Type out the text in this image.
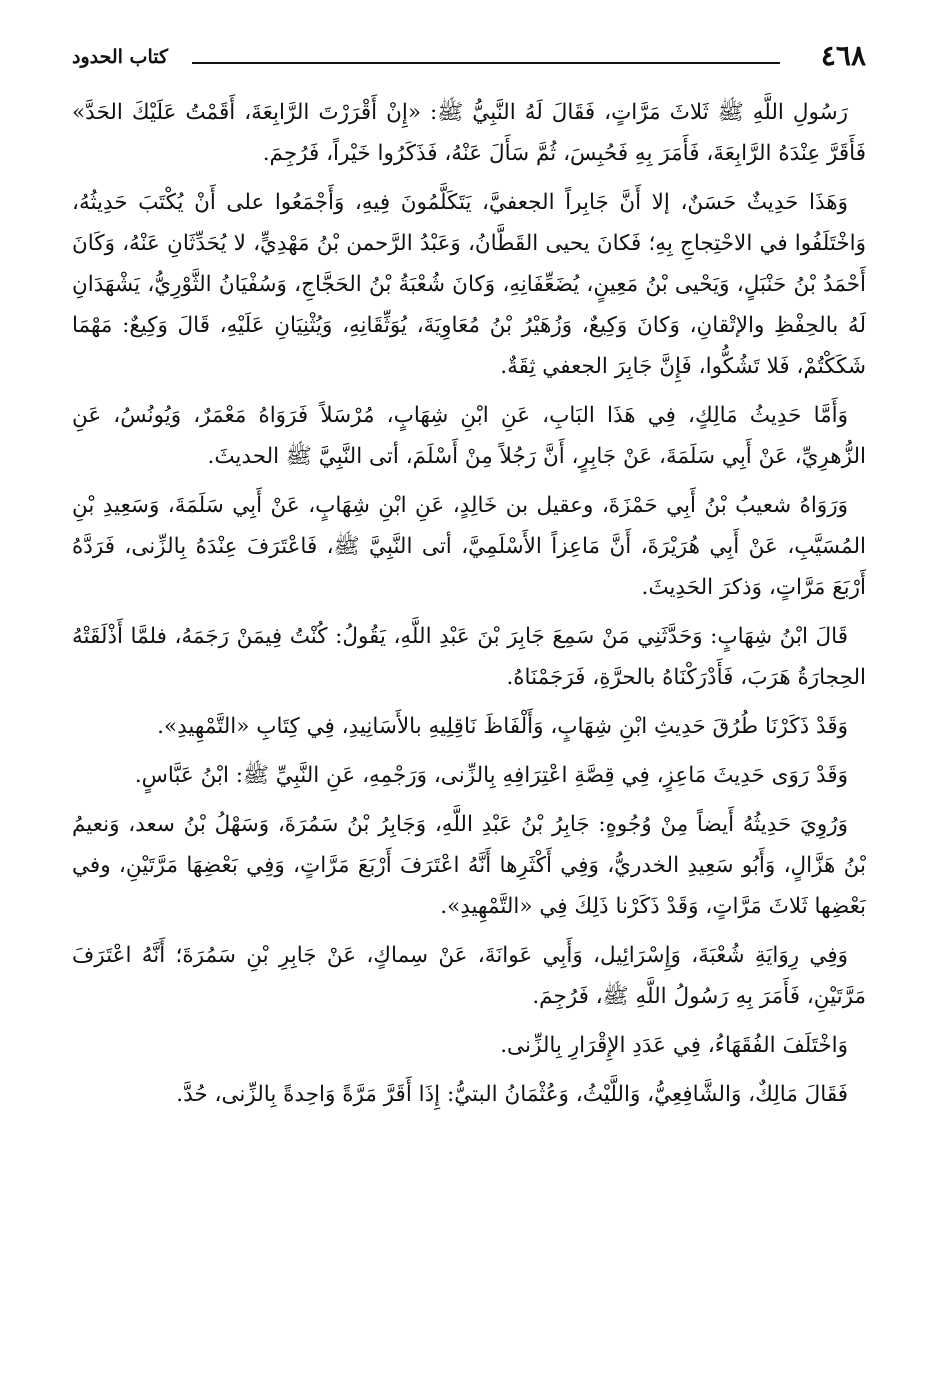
٤٦٨
كتاب الحدود

رَسُولِ اللَّهِ ﷺ ثَلاثَ مَرَّاتٍ، فَقَالَ لَهُ النَّبِيُّ ﷺ: «إِنْ أَقْرَرْتَ الرَّابِعَةَ، أَقَمْتُ عَلَيْكَ الحَدَّ» فَأَقَرَّ عِنْدَهُ الرَّابِعَةَ، فَأَمَرَ بِهِ فَحُبِسَ، ثُمَّ سَأَلَ عَنْهُ، فَذَكَرُوا خَيْراً، فَرُجِمَ.

وَهَذَا حَدِيثٌ حَسَنٌ، إلا أَنَّ جَابِراً الجعفيَّ، يَتَكَلَّمُونَ فِيهِ، وَأَجْمَعُوا على أَنْ يُكْتَبَ حَدِيثُهُ، وَاخْتَلَفُوا في الاحْتِجاجِ بِهِ؛ فَكانَ يحيى القَطَّانُ، وَعَبْدُ الرَّحمن بْنُ مَهْدِيٍّ، لا يُحَدِّثَانِ عَنْهُ، وَكَانَ أَحْمَدُ بْنُ حَنْبَلٍ، وَيَحْيى بْنُ مَعِينٍ، يُضَعِّفَانِهِ، وَكانَ شُعْبَةُ بْنُ الحَجَّاجِ، وَسُفْيَانُ الثَّوْرِيُّ، يَشْهَدَانِ لَهُ بالحِفْظِ والإتْقانِ، وَكانَ وَكِيعٌ، وَزُهَيْرُ بْنُ مُعَاوِيَةَ، يُوَثِّقَانِهِ، وَيُثْنِيَانِ عَلَيْهِ، قَالَ وَكِيعٌ: مَهْمَا شَكَكْتُمْ، فَلا تَشُكُّوا، فَإِنَّ جَابِرَ الجعفي ثِقَةٌ.

وَأَمَّا حَدِيثُ مَالِكٍ، فِي هَذَا البَابِ، عَنِ ابْنِ شِهَابٍ، مُرْسَلاً فَرَوَاهُ مَعْمَرٌ، وَيُونُسُ، عَنِ الزُّهرِيِّ، عَنْ أَبِي سَلَمَةَ، عَنْ جَابِرٍ، أَنَّ رَجُلاً مِنْ أَسْلَمَ، أتى النَّبِيَّ ﷺ الحديثَ.

وَرَوَاهُ شعيبُ بْنُ أَبِي حَمْزَةَ، وعقيل بن خَالِدٍ، عَنِ ابْنِ شِهَابٍ، عَنْ أَبِي سَلَمَةَ، وَسَعِيدِ بْنِ المُسَيَّبِ، عَنْ أَبِي هُرَيْرَةَ، أَنَّ مَاعِزاً الأَسْلَمِيَّ، أتى النَّبِيَّ ﷺ، فَاعْتَرَفَ عِنْدَهُ بِالزِّنى، فَرَدَّهُ أَرْبَعَ مَرَّاتٍ، وَذكرَ الحَدِيثَ.

قَالَ ابْنُ شِهَابٍ: وَحَدَّثَنِي مَنْ سَمِعَ جَابِرَ بْنَ عَبْدِ اللَّهِ، يَقُولُ: كُنْتُ فِيمَنْ رَجَمَهُ، فلمَّا أَذْلَقَتْهُ الحِجارَةُ هَرَبَ، فَأَدْرَكْنَاهُ بالحرَّةِ، فَرَجَمْنَاهُ.

وَقَدْ ذَكَرْنَا طُرُقَ حَدِيثِ ابْنِ شِهَابٍ، وَأَلْفَاظَ نَاقِلِيهِ بالأَسَانِيدِ، فِي كِتَابِ «التَّمْهِيدِ».

وَقَدْ رَوَى حَدِيثَ مَاعِزٍ، فِي قِصَّةِ اعْتِرَافِهِ بِالزِّنى، وَرَجْمِهِ، عَنِ النَّبِيِّ ﷺ: ابْنُ عَبَّاسٍ.

وَرُوِيَ حَدِيثُهُ أَيضاً مِنْ وُجُوهٍ: جَابِرُ بْنُ عَبْدِ اللَّهِ، وَجَابِرُ بْنُ سَمُرَةَ، وَسَهْلُ بْنُ سعد، وَنعيمُ بْنُ هَزَّالٍ، وَأَبُو سَعِيدِ الخدريُّ، وَفِي أَكْثَرِها أَنَّهُ اعْتَرَفَ أَرْبَعَ مَرَّاتٍ، وَفِي بَعْضِهَا مَرَّتَيْنِ، وفي بَعْضِها ثَلاثَ مَرَّاتٍ، وَقَدْ ذَكَرْنا ذَلِكَ فِي «التَّمْهِيدِ».

وَفِي رِوَايَةِ شُعْبَةَ، وَإِسْرَائِيل، وَأَبِي عَوانَةَ، عَنْ سِماكٍ، عَنْ جَابِرِ بْنِ سَمُرَةَ؛ أَنَّهُ اعْتَرَفَ مَرَّتَيْنِ، فَأَمَرَ بِهِ رَسُولُ اللَّهِ ﷺ، فَرُجِمَ.

وَاخْتَلَفَ الفُقَهَاءُ، فِي عَدَدِ الإِقْرَارِ بِالزِّنى.

فَقَالَ مَالِكٌ، وَالشَّافِعِيُّ، وَاللَّيْثُ، وَعُثْمَانُ البتيُّ: إِذَا أَقَرَّ مَرَّةً وَاحِدةً بِالزِّنى، حُدَّ.
